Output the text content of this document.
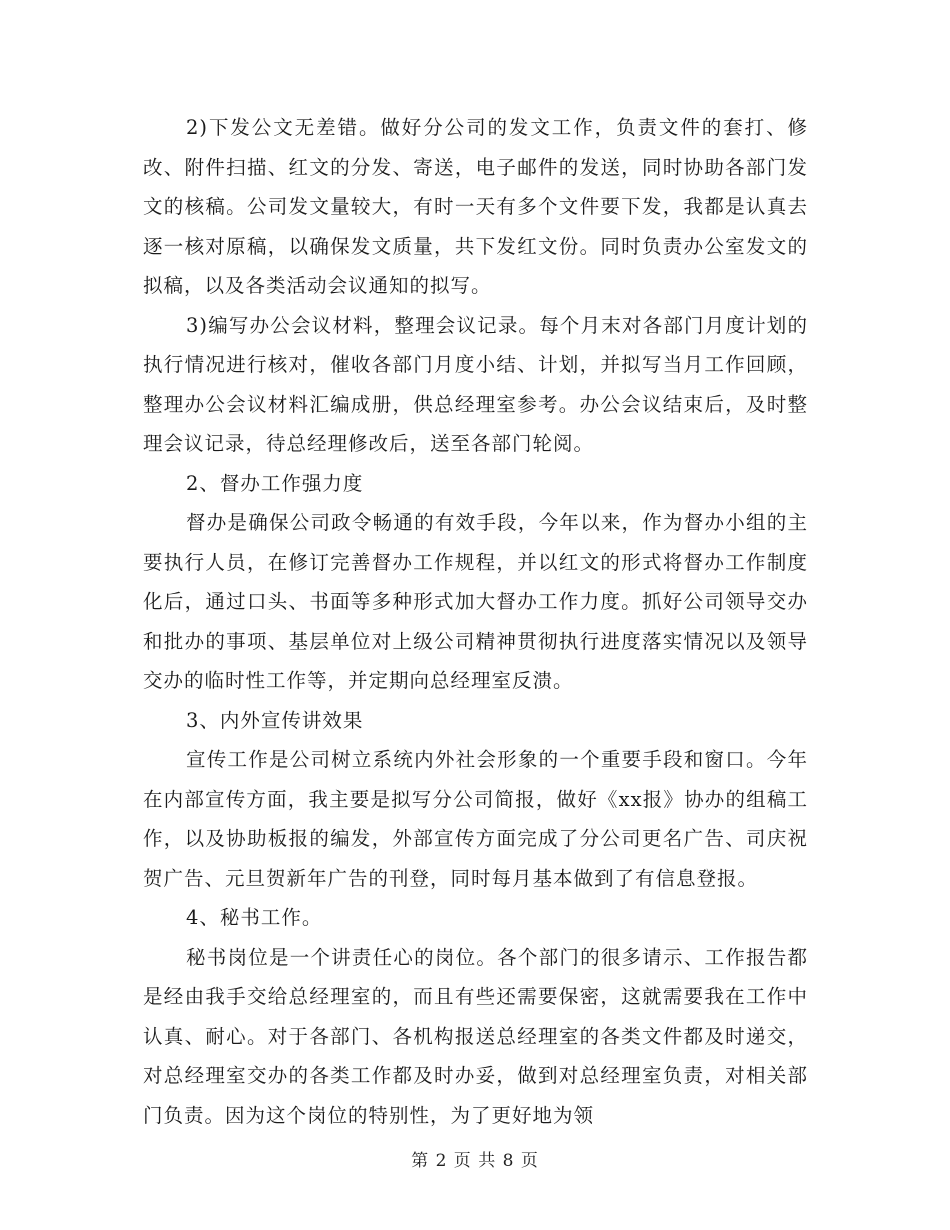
2)下发公文无差错。做好分公司的发文工作，负责文件的套打、修改、附件扫描、红文的分发、寄送，电子邮件的发送，同时协助各部门发文的核稿。公司发文量较大，有时一天有多个文件要下发，我都是认真去逐一核对原稿，以确保发文质量，共下发红文份。同时负责办公室发文的拟稿，以及各类活动会议通知的拟写。

3)编写办公会议材料，整理会议记录。每个月末对各部门月度计划的执行情况进行核对，催收各部门月度小结、计划，并拟写当月工作回顾，整理办公会议材料汇编成册，供总经理室参考。办公会议结束后，及时整理会议记录，待总经理修改后，送至各部门轮阅。

2、督办工作强力度

督办是确保公司政令畅通的有效手段，今年以来，作为督办小组的主要执行人员，在修订完善督办工作规程，并以红文的形式将督办工作制度化后，通过口头、书面等多种形式加大督办工作力度。抓好公司领导交办和批办的事项、基层单位对上级公司精神贯彻执行进度落实情况以及领导交办的临时性工作等，并定期向总经理室反溃。

3、内外宣传讲效果

宣传工作是公司树立系统内外社会形象的一个重要手段和窗口。今年在内部宣传方面，我主要是拟写分公司简报，做好《xx报》协办的组稿工作，以及协助板报的编发，外部宣传方面完成了分公司更名广告、司庆祝贺广告、元旦贺新年广告的刊登，同时每月基本做到了有信息登报。

4、秘书工作。

秘书岗位是一个讲责任心的岗位。各个部门的很多请示、工作报告都是经由我手交给总经理室的，而且有些还需要保密，这就需要我在工作中认真、耐心。对于各部门、各机构报送总经理室的各类文件都及时递交，对总经理室交办的各类工作都及时办妥，做到对总经理室负责，对相关部门负责。因为这个岗位的特别性，为了更好地为领

第 2 页 共 8 页
